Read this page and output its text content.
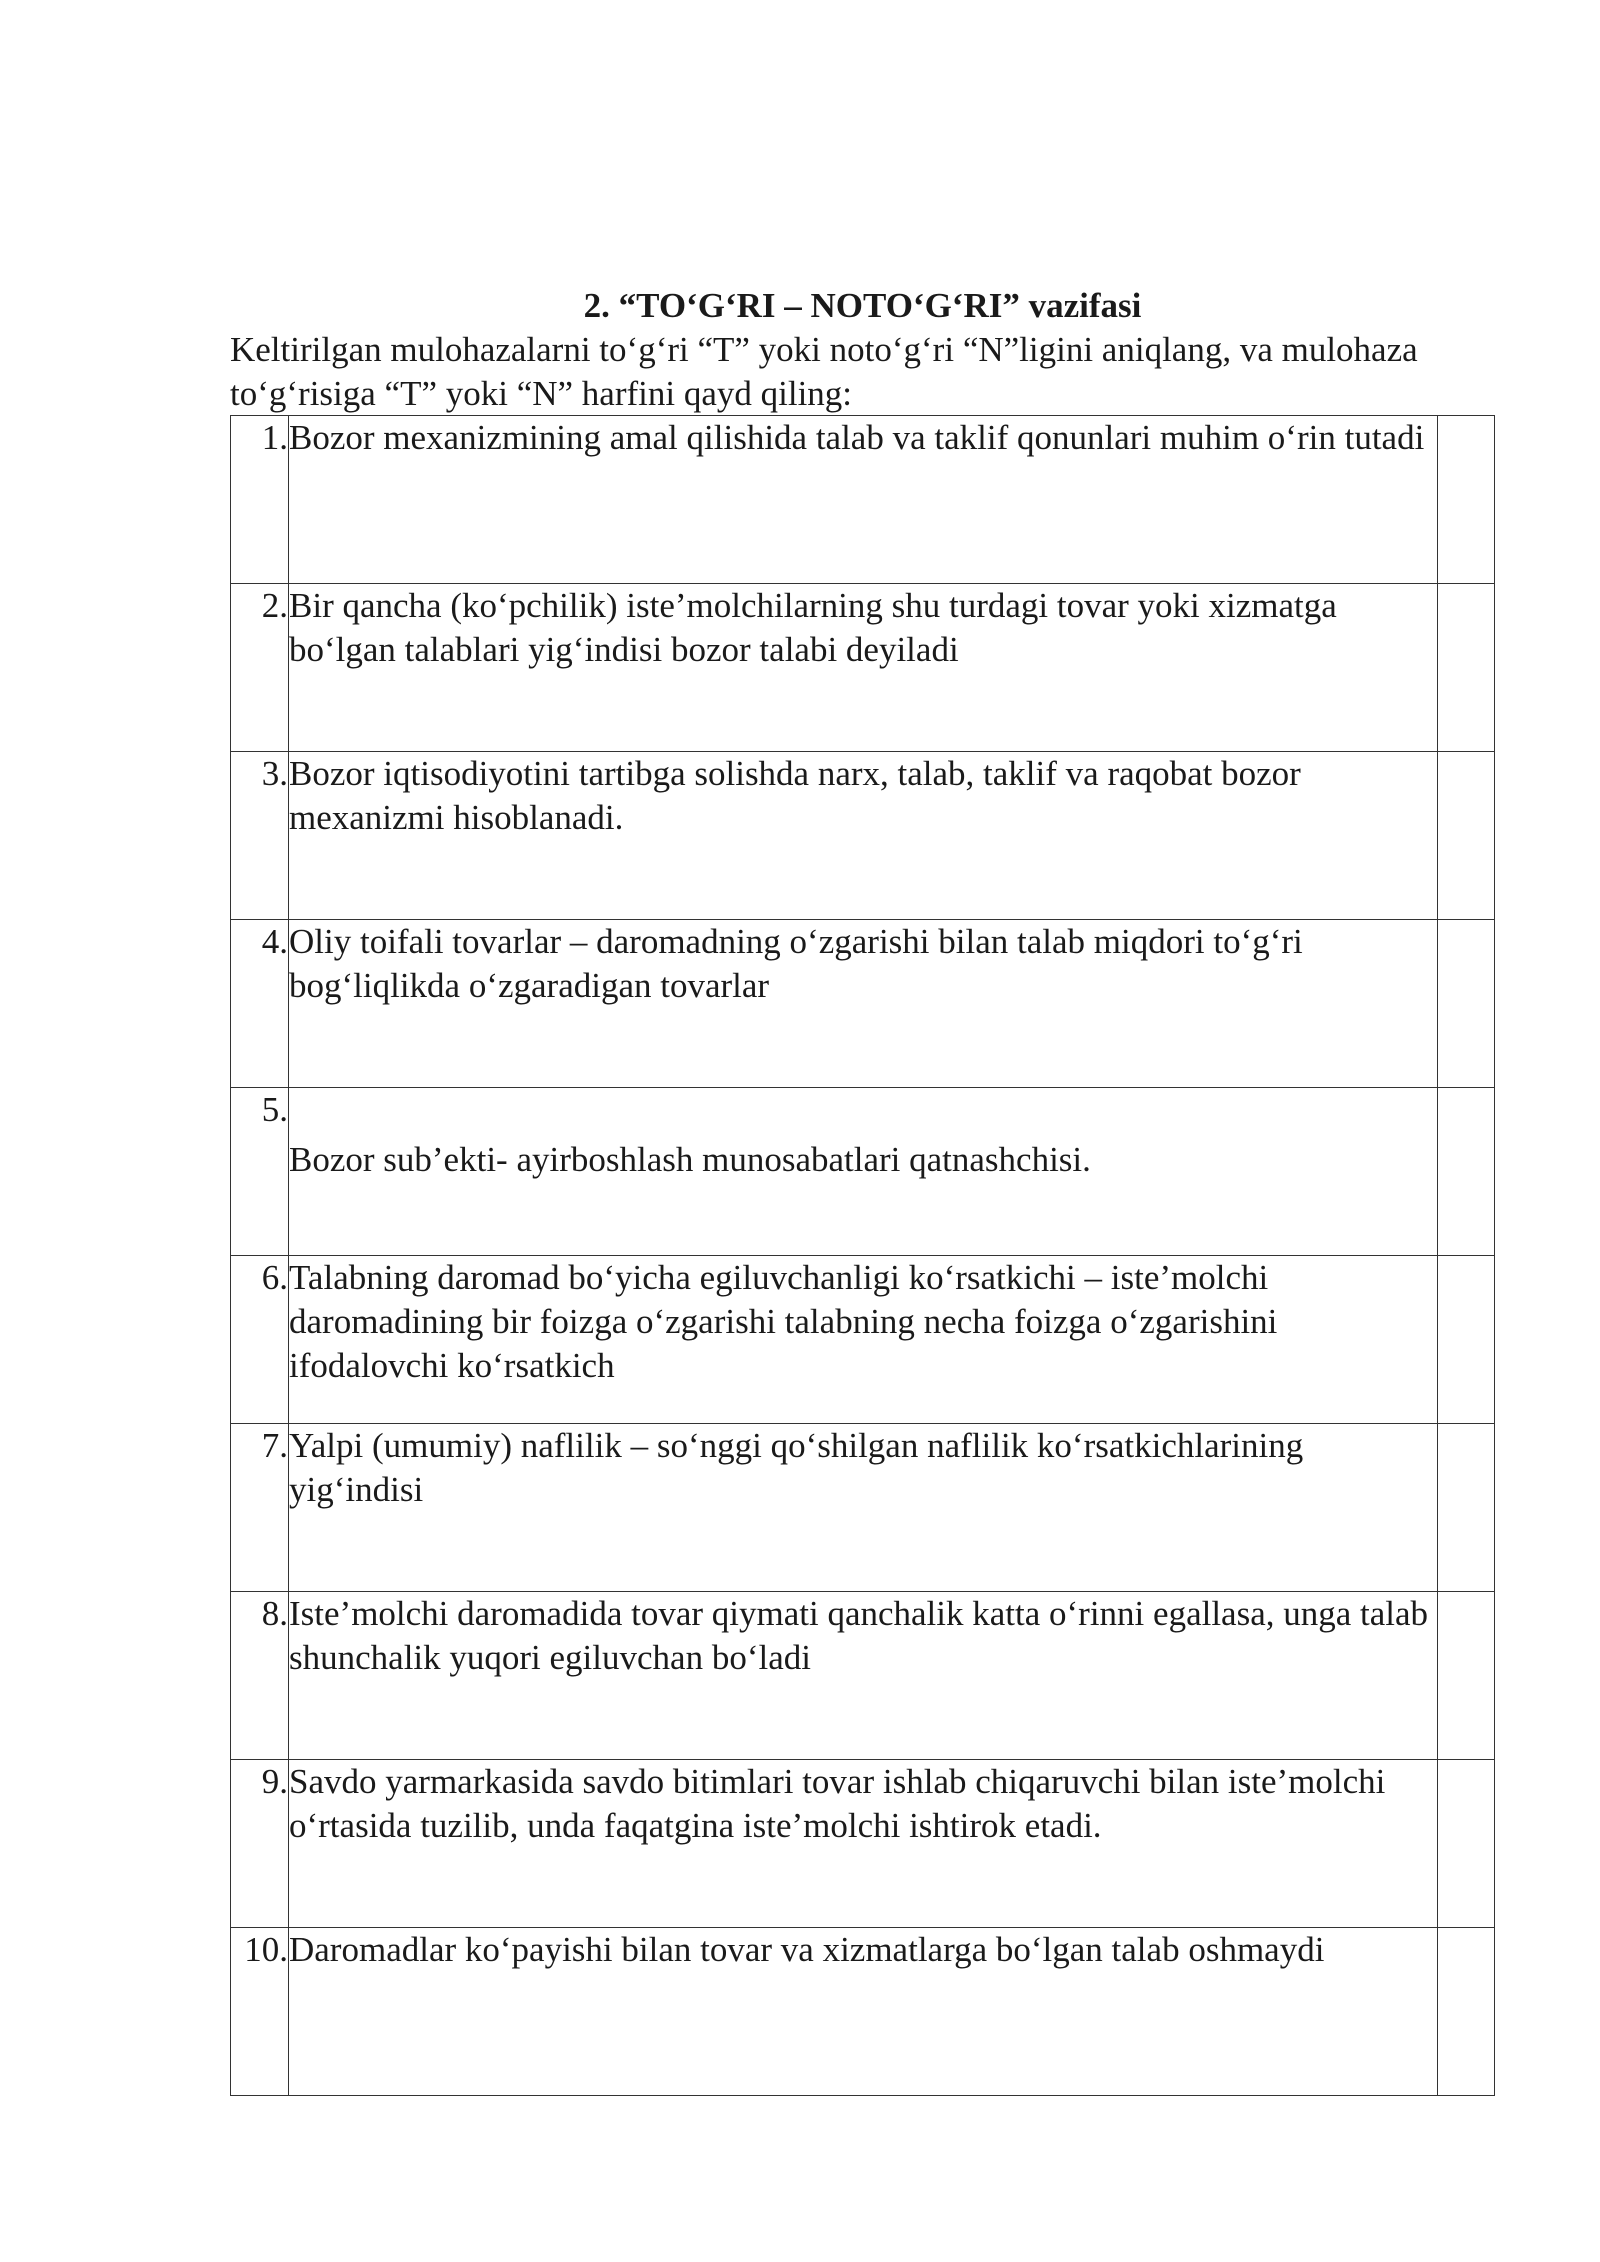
2. “TO‘G‘RI – NOTO‘G‘RI” vazifasi

Keltirilgan mulohazalarni to‘g‘ri “T” yoki noto‘g‘ri “N”ligini aniqlang, va mulohaza to‘g‘risiga “T” yoki “N” harfini qayd qiling:

1.	Bozor mexanizmining amal qilishida talab va taklif qonunlari muhim o‘rin tutadi	
2.	Bir qancha (ko‘pchilik) iste’molchilarning shu turdagi tovar yoki xizmatga bo‘lgan talablari yig‘indisi bozor talabi deyiladi	
3.	Bozor iqtisodiyotini tartibga solishda narx, talab, taklif va raqobat bozor mexanizmi hisoblanadi.	
4.	Oliy toifali tovarlar – daromadning o‘zgarishi bilan talab miqdori to‘g‘ri bog‘liqlikda o‘zgaradigan tovarlar	
5.	Bozor sub’ekti- ayirboshlash munosabatlari qatnashchisi.	
6.	Talabning daromad bo‘yicha egiluvchanligi ko‘rsatkichi – iste’molchi daromadining bir foizga o‘zgarishi talabning necha foizga o‘zgarishini ifodalovchi ko‘rsatkich	
7.	Yalpi (umumiy) naflilik – so‘nggi qo‘shilgan naflilik ko‘rsatkichlarining yig‘indisi	
8.	Iste’molchi daromadida tovar qiymati qanchalik katta o‘rinni egallasa, unga talab shunchalik yuqori egiluvchan bo‘ladi	
9.	Savdo yarmarkasida savdo bitimlari tovar ishlab chiqaruvchi bilan iste’molchi o‘rtasida tuzilib, unda faqatgina iste’molchi ishtirok etadi.	
10.	Daromadlar ko‘payishi bilan tovar va xizmatlarga bo‘lgan talab oshmaydi	
